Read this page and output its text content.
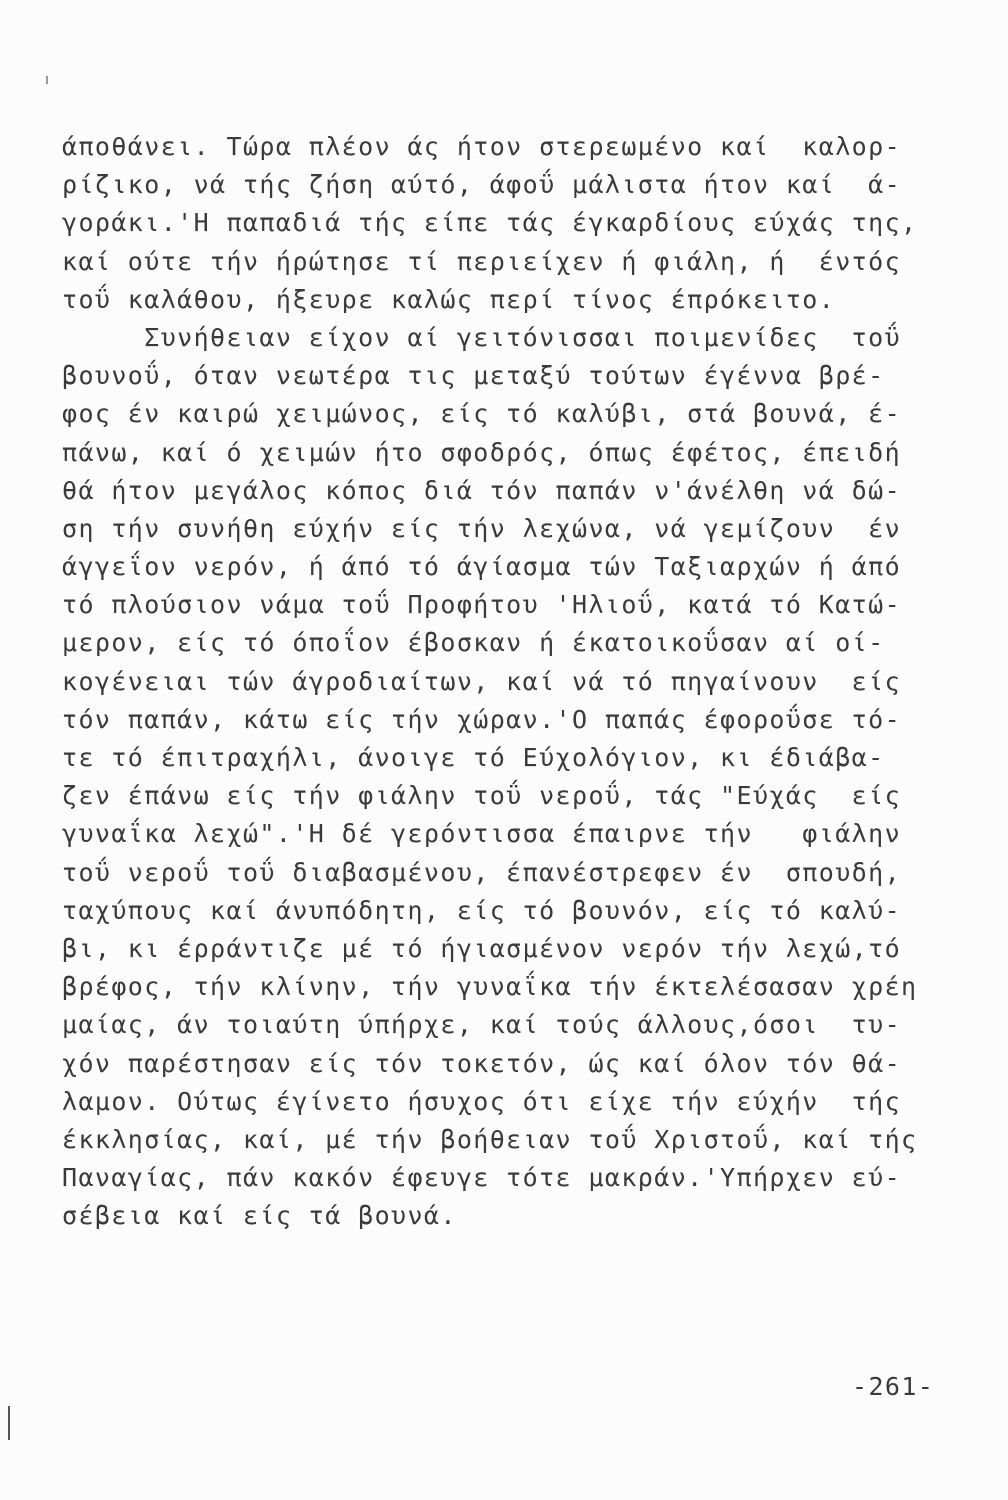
άποθάνει. Τώρα πλέον άς ήτον στερεωμένο καί  καλορ-
ρίζικο, νά τής ζήση αύτό, άφοΰ μάλιστα ήτον καί  ά-
γοράκι.'Η παπαδιά τής είπε τάς έγκαρδίους εύχάς της,
καί ούτε τήν ήρώτησε τί περιείχεν ή φιάλη, ή  έντός
τοΰ καλάθου, ήξευρε καλώς περί τίνος έπρόκειτο.
Συνήθειαν είχον αί γειτόνισσαι ποιμενίδες  τοΰ
βουνοΰ, όταν νεωτέρα τις μεταξύ τούτων έγέννα βρέ-
φος έν καιρώ χειμώνος, είς τό καλύβι, στά βουνά, έ-
πάνω, καί ό χειμών ήτο σφοδρός, όπως έφέτος, έπειδή
θά ήτον μεγάλος κόπος διά τόν παπάν ν'άνέλθη νά δώ-
ση τήν συνήθη εύχήν είς τήν λεχώνα, νά γεμίζουν  έν
άγγεΐον νερόν, ή άπό τό άγίασμα τών Ταξιαρχών ή άπό
τό πλούσιον νάμα τοΰ Προφήτου 'Ηλιοΰ, κατά τό Κατώ-
μερον, είς τό όποΐον έβοσκαν ή έκατοικοΰσαν αί οί-
κογένειαι τών άγροδιαίτων, καί νά τό πηγαίνουν  είς
τόν παπάν, κάτω είς τήν χώραν.'Ο παπάς έφοροΰσε τό-
τε τό έπιτραχήλι, άνοιγε τό Εύχολόγιον, κι έδιάβα-
ζεν έπάνω είς τήν φιάλην τοΰ νεροΰ, τάς "Εύχάς  είς
γυναΐκα λεχώ".'Η δέ γερόντισσα έπαιρνε τήν   φιάλην
τοΰ νεροΰ τοΰ διαβασμένου, έπανέστρεφεν έν  σπουδή,
ταχύπους καί άνυπόδητη, είς τό βουνόν, είς τό καλύ-
βι, κι έρράντιζε μέ τό ήγιασμένον νερόν τήν λεχώ,τό
βρέφος, τήν κλίνην, τήν γυναΐκα τήν έκτελέσασαν χρέη
μαίας, άν τοιαύτη ύπήρχε, καί τούς άλλους,όσοι  τυ-
χόν παρέστησαν είς τόν τοκετόν, ώς καί όλον τόν θά-
λαμον. Ούτως έγίνετο ήσυχος ότι είχε τήν εύχήν  τής
έκκλησίας, καί, μέ τήν βοήθειαν τοΰ Χριστοΰ, καί τής
Παναγίας, πάν κακόν έφευγε τότε μακράν.'Υπήρχεν εύ-
σέβεια καί είς τά βουνά.
-261-
